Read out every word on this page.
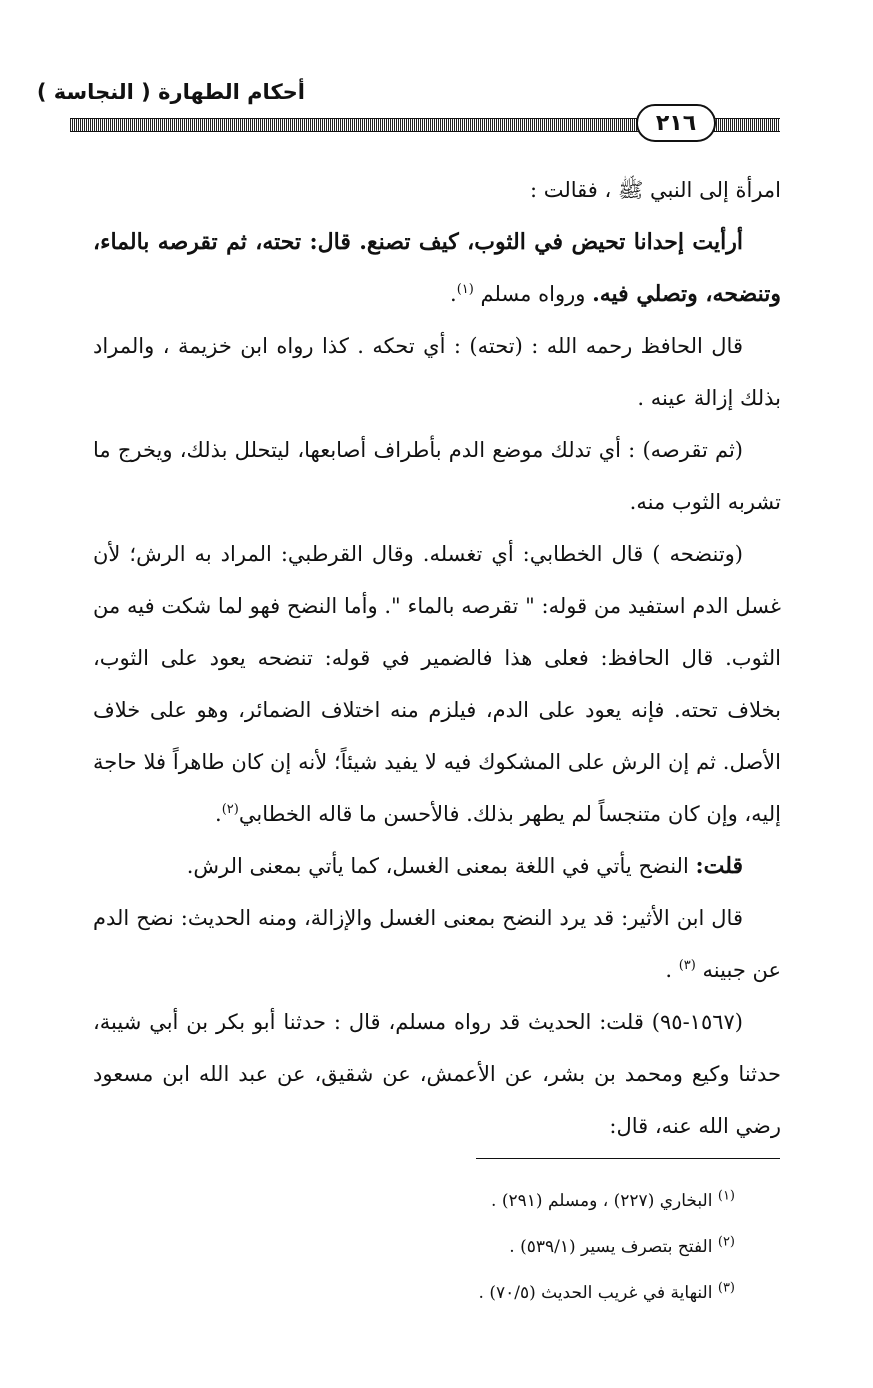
أحكام الطهارة ( النجاسة )
٢١٦

امرأة إلى النبي ﷺ ، فقالت :

أرأيت إحدانا تحيض في الثوب، كيف تصنع. قال: تحته، ثم تقرصه بالماء، وتنضحه، وتصلي فيه. ورواه مسلم $^{(١)}$.

قال الحافظ رحمه الله : (تحته) : أي تحكه . كذا رواه ابن خزيمة ، والمراد بذلك إزالة عينه .

(ثم تقرصه) : أي تدلك موضع الدم بأطراف أصابعها، ليتحلل بذلك، ويخرج ما تشربه الثوب منه.

(وتنضحه ) قال الخطابي: أي تغسله. وقال القرطبي: المراد به الرش؛ لأن غسل الدم استفيد من قوله: " تقرصه بالماء ". وأما النضح فهو لما شكت فيه من الثوب. قال الحافظ: فعلى هذا فالضمير في قوله: تنضحه يعود على الثوب، بخلاف تحته. فإنه يعود على الدم، فيلزم منه اختلاف الضمائر، وهو على خلاف الأصل. ثم إن الرش على المشكوك فيه لا يفيد شيئاً؛ لأنه إن كان طاهراً فلا حاجة إليه، وإن كان متنجساً لم يطهر بذلك. فالأحسن ما قاله الخطابي$^{(٢)}$.

قلت: النضح يأتي في اللغة بمعنى الغسل، كما يأتي بمعنى الرش.

قال ابن الأثير: قد يرد النضح بمعنى الغسل والإزالة، ومنه الحديث: نضح الدم عن جبينه $^{(٣)}$ .

(١٥٦٧-٩٥) قلت: الحديث قد رواه مسلم، قال : حدثنا أبو بكر بن أبي شيبة، حدثنا وكيع ومحمد بن بشر، عن الأعمش، عن شقيق، عن عبد الله ابن مسعود رضي الله عنه، قال:

$^{(١)}$ البخاري (٢٢٧) ، ومسلم (٢٩١) .

$^{(٢)}$ الفتح بتصرف يسير (٥٣٩/١) .

$^{(٣)}$ النهاية في غريب الحديث (٧٠/٥) .
